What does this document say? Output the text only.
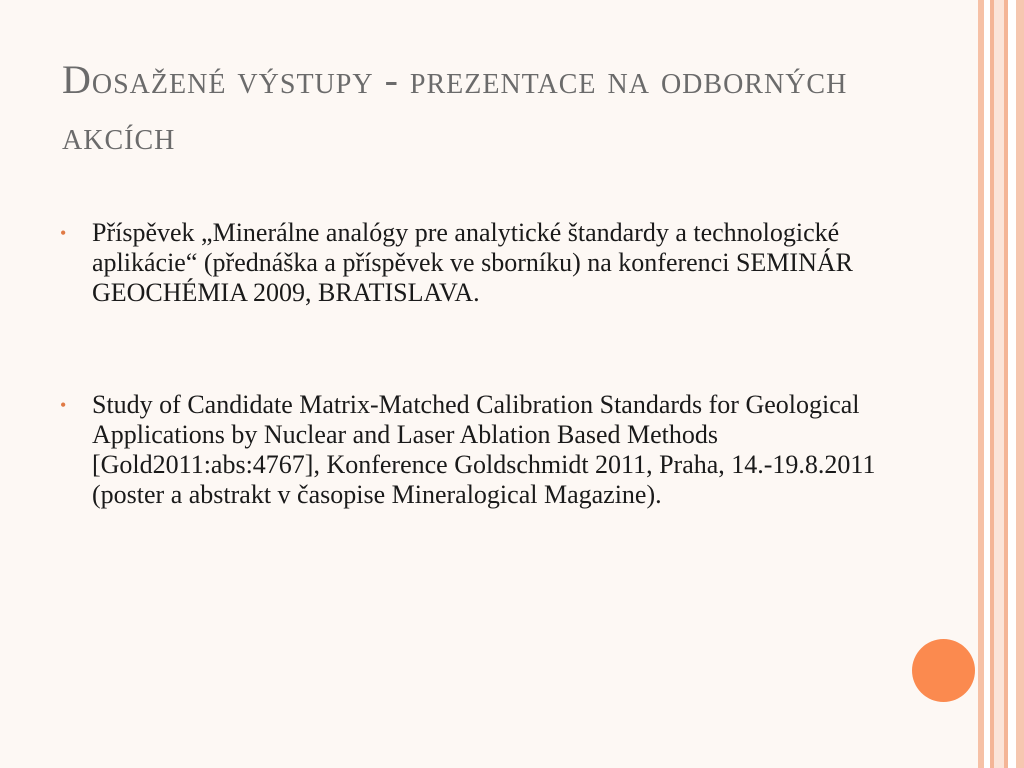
Dosažené výstupy - prezentace na odborných akcích
• Příspěvek „Minerálne analógy pre analytické štandardy a technologické aplikácie“ (přednáška a příspěvek ve sborníku) na konferenci SEMINÁR GEOCHÉMIA 2009, BRATISLAVA.
• Study of Candidate Matrix-Matched Calibration Standards for Geological Applications by Nuclear and Laser Ablation Based Methods [Gold2011:abs:4767], Konference Goldschmidt 2011, Praha, 14.-19.8.2011 (poster a abstrakt v časopise Mineralogical Magazine).
